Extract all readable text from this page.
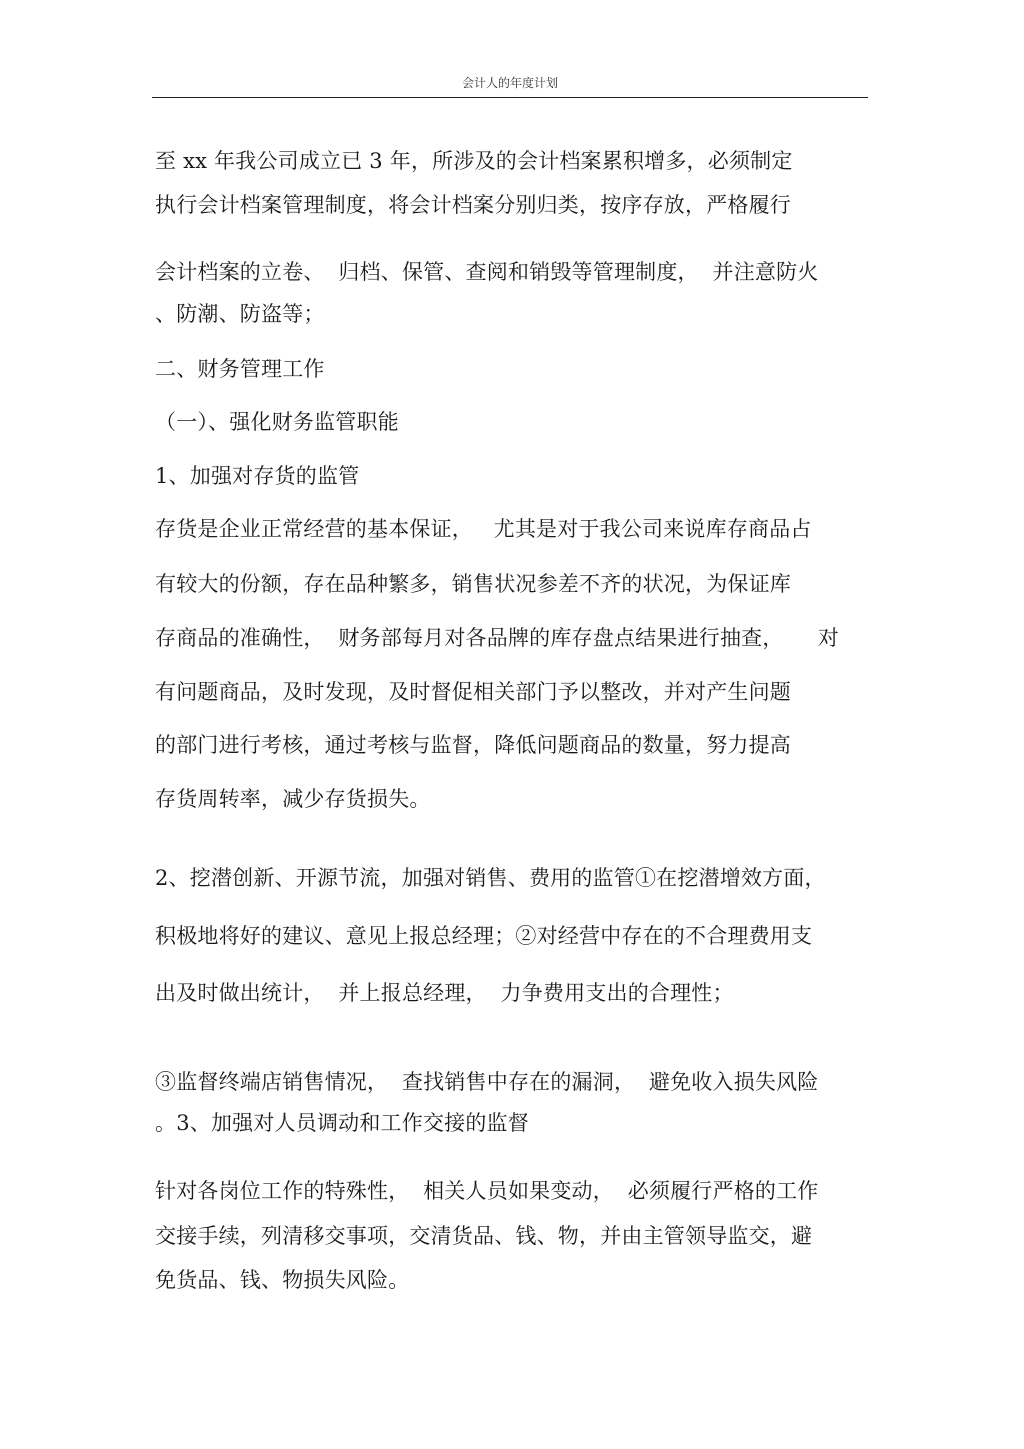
会计人的年度计划
至 xx 年我公司成立已 3 年，所涉及的会计档案累积增多，必须制定
执行会计档案管理制度，将会计档案分别归类，按序存放，严格履行
会计档案的立卷、  归档、保管、查阅和销毁等管理制度，  并注意防火
、防潮、防盗等；
二、财务管理工作
（一）、强化财务监管职能
1、加强对存货的监管
存货是企业正常经营的基本保证，   尤其是对于我公司来说库存商品占
有较大的份额，存在品种繁多，销售状况参差不齐的状况，为保证库
存商品的准确性，  财务部每月对各品牌的库存盘点结果进行抽查，     对
有问题商品，及时发现，及时督促相关部门予以整改，并对产生问题
的部门进行考核，通过考核与监督，降低问题商品的数量，努力提高
存货周转率，减少存货损失。
2、挖潜创新、开源节流，加强对销售、费用的监管①在挖潜增效方面，
积极地将好的建议、意见上报总经理；②对经营中存在的不合理费用支
出及时做出统计，  并上报总经理，  力争费用支出的合理性；
③监督终端店销售情况，  查找销售中存在的漏洞，  避免收入损失风险
。3、加强对人员调动和工作交接的监督
针对各岗位工作的特殊性，  相关人员如果变动，  必须履行严格的工作
交接手续，列清移交事项，交清货品、钱、物，并由主管领导监交，避
免货品、钱、物损失风险。
